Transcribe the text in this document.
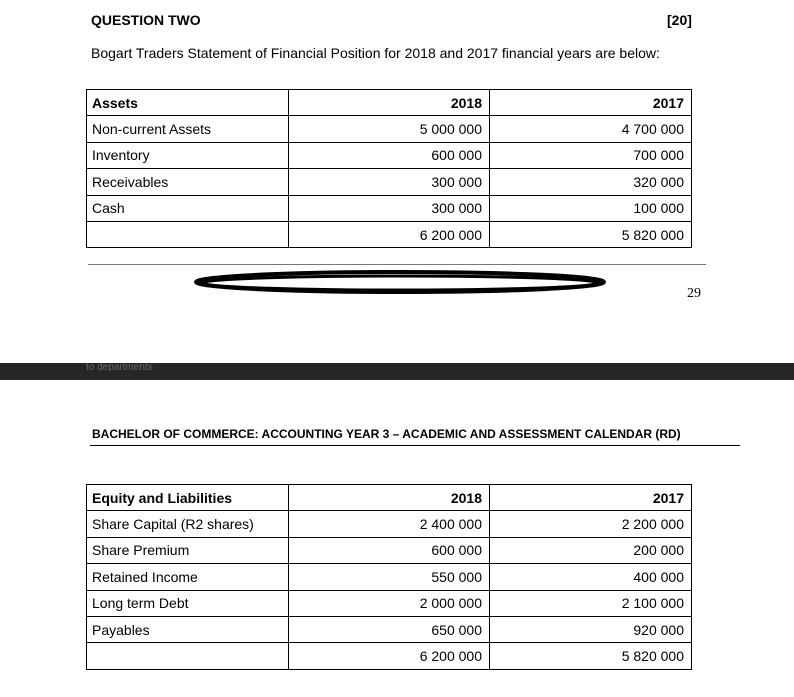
QUESTION TWO	[20]
Bogart Traders Statement of Financial Position for 2018 and 2017 financial years are below:
Assets	2018	2017
Non-current Assets	5 000 000	4 700 000
Inventory	600 000	700 000
Receivables	300 000	320 000
Cash	300 000	100 000
	6 200 000	5 820 000
29
to departments
BACHELOR OF COMMERCE: ACCOUNTING YEAR 3 – ACADEMIC AND ASSESSMENT CALENDAR (RD)
Equity and Liabilities	2018	2017
Share Capital (R2 shares)	2 400 000	2 200 000
Share Premium	600 000	200 000
Retained Income	550 000	400 000
Long term Debt	2 000 000	2 100 000
Payables	650 000	920 000
	6 200 000	5 820 000
